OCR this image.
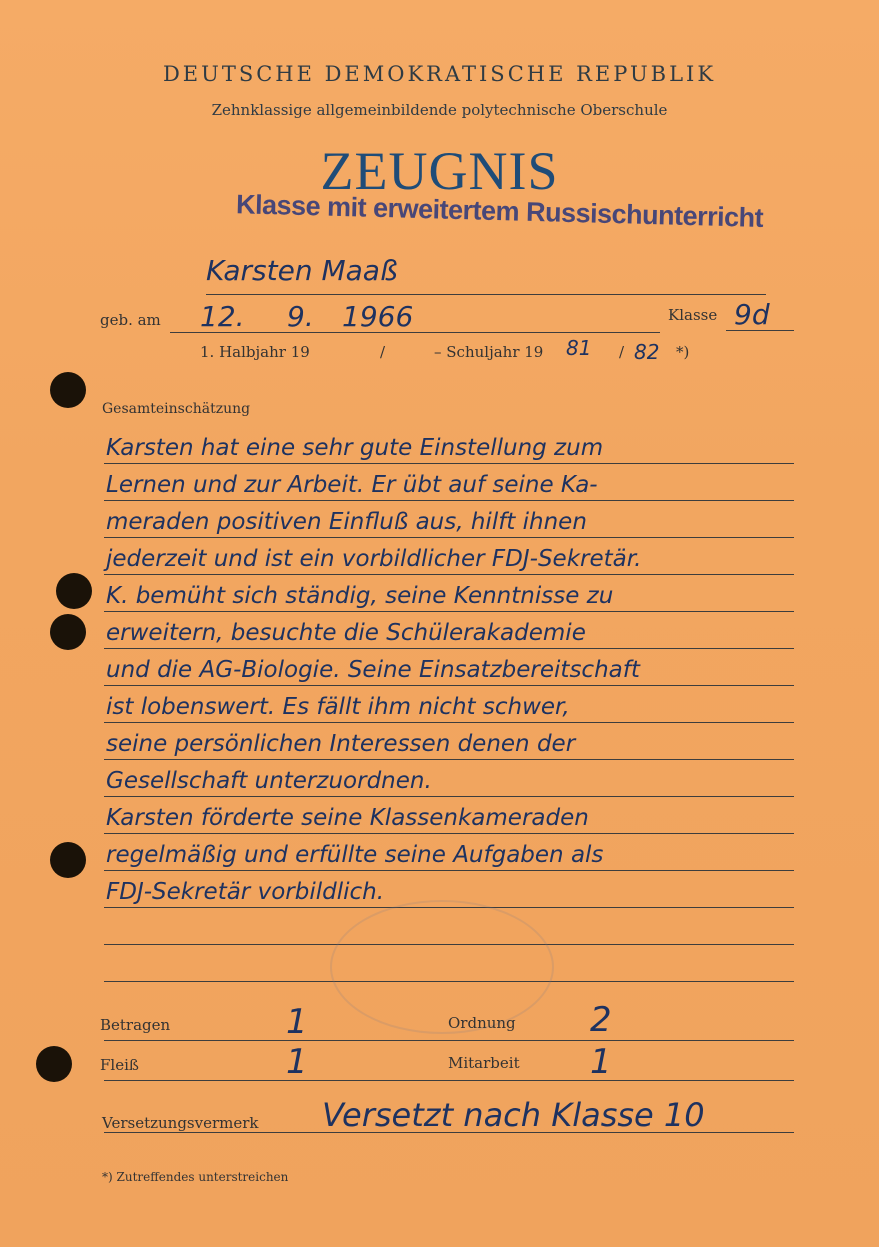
DEUTSCHE DEMOKRATISCHE REPUBLIK
Zehnklassige allgemeinbildende polytechnische Oberschule
ZEUGNIS
Klasse mit erweitertem Russischunterricht
Karsten Maaß
geb. am 12. 9. 1966	Klasse 9d
1. Halbjahr 19	/	– Schuljahr 19 81 / 82 *)
Gesamteinschätzung
Karsten hat eine sehr gute Einstellung zum
Lernen und zur Arbeit. Er übt auf seine Ka-
meraden positiven Einfluß aus, hilft ihnen
jederzeit und ist ein vorbildlicher FDJ-Sekretär.
K. bemüht sich ständig, seine Kenntnisse zu
erweitern, besuchte die Schülerakademie
und die AG-Biologie. Seine Einsatzbereitschaft
ist lobenswert. Es fällt ihm nicht schwer,
seine persönlichen Interessen denen der
Gesellschaft unterzuordnen.
Karsten förderte seine Klassenkameraden
regelmäßig und erfüllte seine Aufgaben als
FDJ-Sekretär vorbildlich.
Betragen	1	Ordnung 2
Fleiß	1	Mitarbeit 1
Versetzungsvermerk Versetzt nach Klasse 10
*) Zutreffendes unterstreichen
